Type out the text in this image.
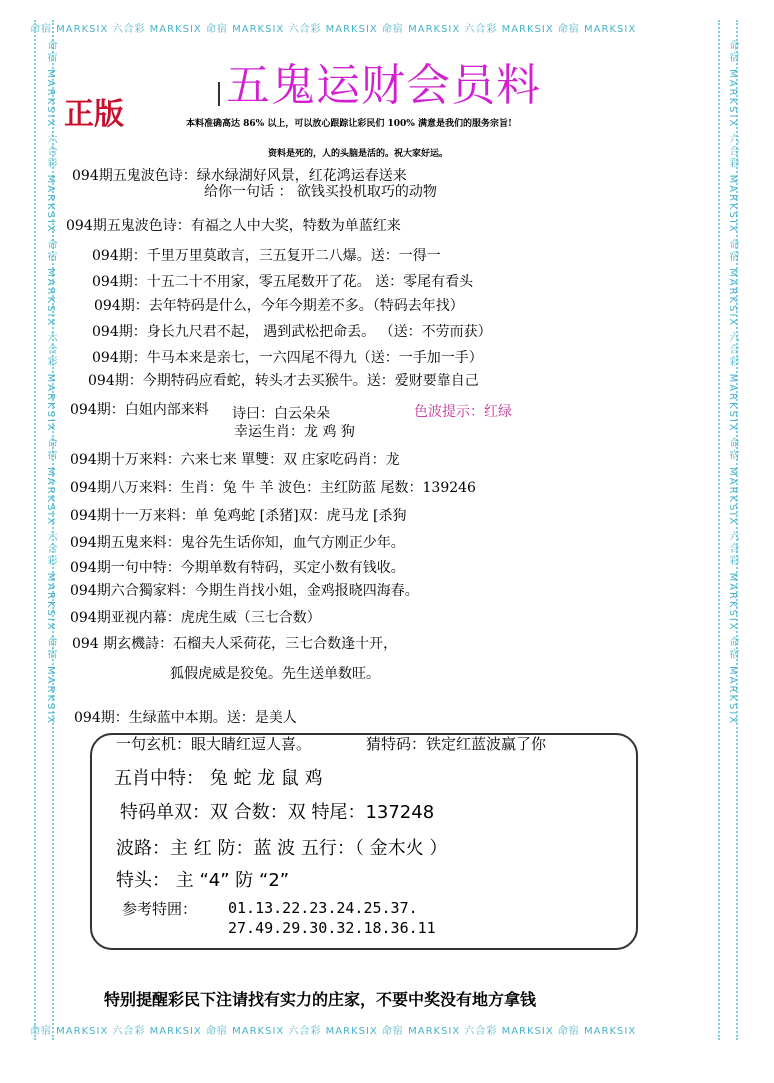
命宿 MARKSIX 六合彩 MARKSIX 命宿 MARKSIX 六合彩 MARKSIX 命宿 MARKSIX 六合彩 MARKSIX 命宿 MARKSIX
命宿 MARKSIX 六合彩 MARKSIX 命宿 MARKSIX 六合彩 MARKSIX 命宿 MARKSIX 六合彩 MARKSIX 命宿 MARKSIX
命宿 MARKSIX 六合彩 MARKSIX 命宿 MARKSIX 六合彩 MARKSIX 命宿 MARKSIX 六合彩 MARKSIX 命宿 MARKSIX	命宿 MARKSIX 六合彩 MARKSIX 命宿 MARKSIX 六合彩 MARKSIX 命宿 MARKSIX 六合彩 MARKSIX 命宿 MARKSIX
五鬼运财会员料
正版	本料准确高达 86% 以上，可以放心跟踪让彩民们 100% 满意是我们的服务宗旨!
资料是死的，人的头脑是活的。祝大家好运。
094期五鬼波色诗：绿水绿湖好风景，红花鸿运春送来
给你一句话 ： 欲钱买投机取巧的动物
094期五鬼波色诗：有福之人中大奖，特数为单蓝红来
094期：千里万里莫敢言，三五复开二八爆。送：一得一
094期：十五二十不用家，零五尾数开了花。 送：零尾有看头
094期：去年特码是什么，今年今期差不多。（特码去年找）
094期：身长九尺君不起， 遇到武松把命丢。 （送：不劳而获）
094期：牛马本来是亲七，一六四尾不得九（送：一手加一手）
094期：今期特码应看蛇，转头才去买猴牛。送：爱财要靠自己
094期：白姐内部来料 诗曰：白云朵朵	色波提示：红绿
幸运生肖：龙 鸡 狗
094期十万来料：六来七来 單雙：双 庄家吃码肖：龙
094期八万来料：生肖：兔 牛 羊 波色：主红防蓝 尾数：139246
094期十一万来料：单 兔鸡蛇 [杀猪]双：虎马龙 [杀狗
094期五鬼来料：鬼谷先生话你知，血气方刚正少年。
094期一句中特：今期单数有特码，买定小数有钱收。
094期六合獨家料：今期生肖找小姐，金鸡报晓四海春。
094期亚视内幕：虎虎生威（三七合数）
094 期玄機詩：石榴夫人采荷花，三七合数逢十开，
狐假虎威是狡兔。先生送单数旺。
094期：生绿蓝中本期。送：是美人
一句玄机：眼大睛红逗人喜。	猜特码：铁定红蓝波赢了你
五肖中特： 兔 蛇 龙 鼠 鸡
特码单双：双 合数：双 特尾：137248
波路：主 红 防：蓝 波 五行：（ 金木火 ）
特头： 主 “4” 防 “2”
参考特囲： 01.13.22.23.24.25.37.
27.49.29.30.32.18.36.11
特别提醒彩民下注请找有实力的庄家，不要中奖没有地方拿钱
